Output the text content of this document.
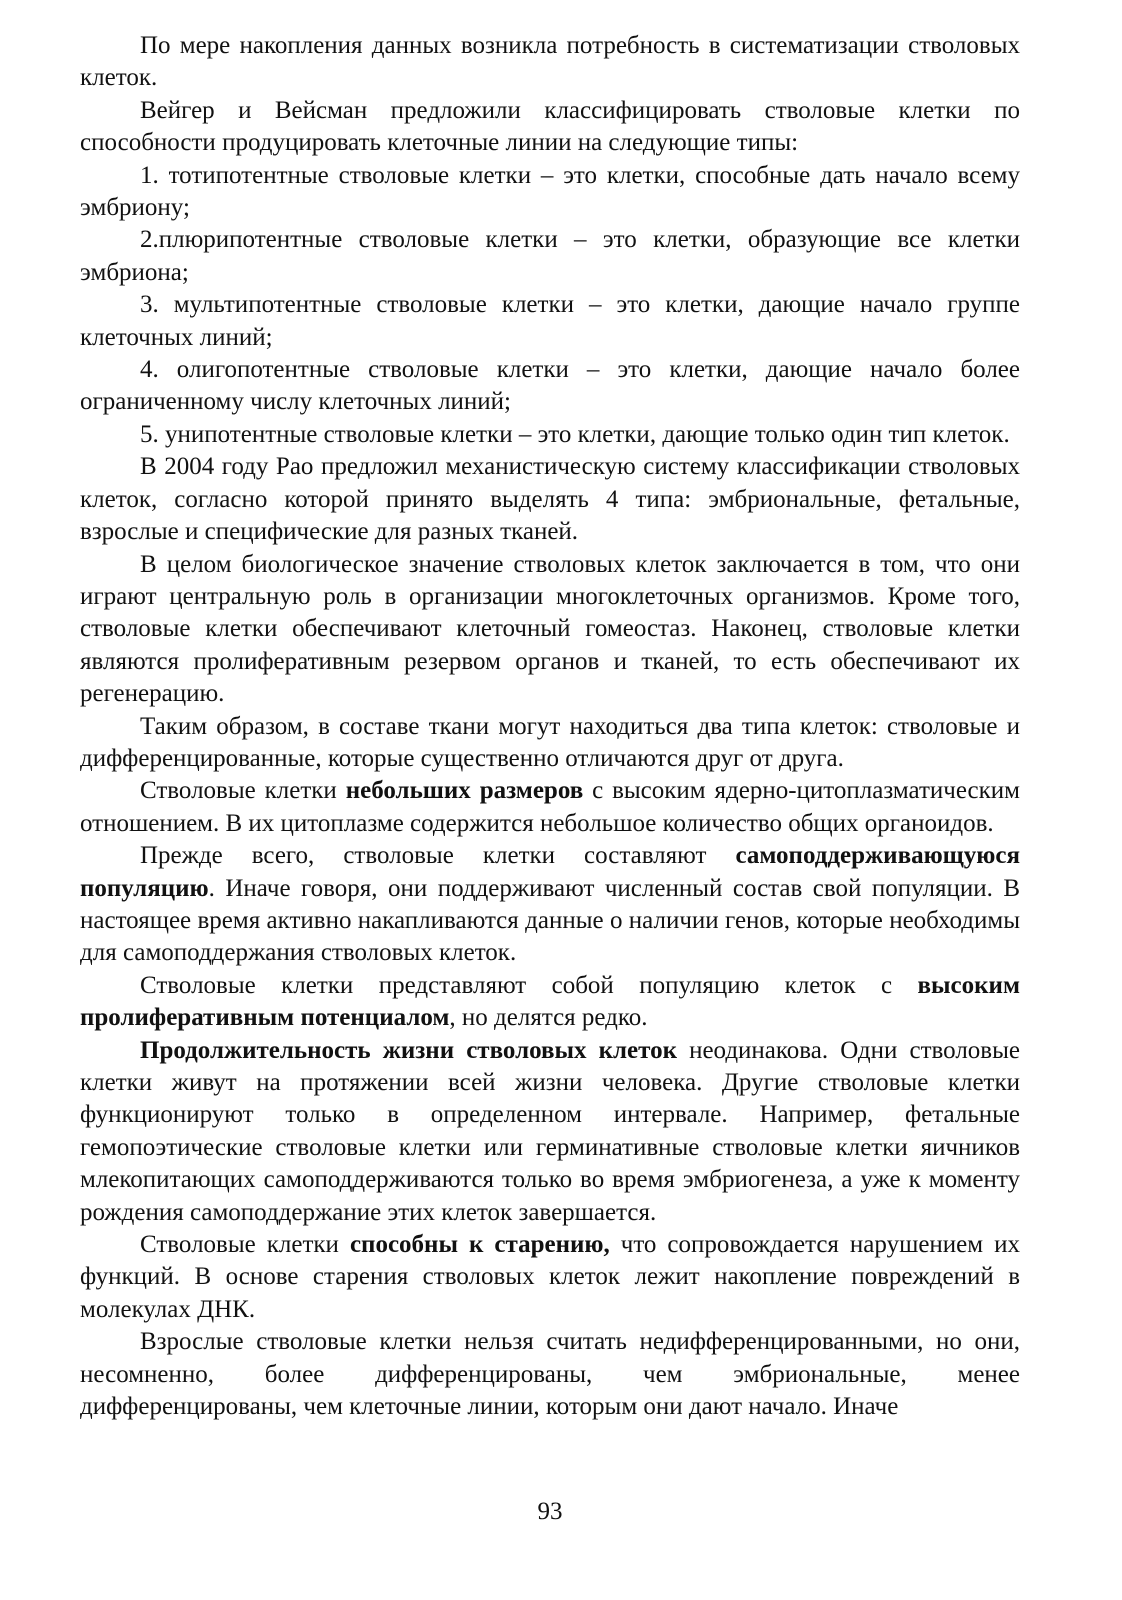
По мере накопления данных возникла потребность в систематизации стволовых клеток.

Вейгер и Вейсман предложили классифицировать стволовые клетки по способности продуцировать клеточные линии на следующие типы:

1. тотипотентные стволовые клетки – это клетки, способные дать начало всему эмбриону;

2.плюрипотентные стволовые клетки – это клетки, образующие все клетки эмбриона;

3. мультипотентные стволовые клетки – это клетки, дающие начало группе клеточных линий;

4. олигопотентные стволовые клетки – это клетки, дающие начало более ограниченному числу клеточных линий;

5. унипотентные стволовые клетки – это клетки, дающие только один тип клеток.

В 2004 году Рао предложил механистическую систему классификации стволовых клеток, согласно которой принято выделять 4 типа: эмбриональные, фетальные, взрослые и специфические для разных тканей.

В целом биологическое значение стволовых клеток заключается в том, что они играют центральную роль в организации многоклеточных организмов. Кроме того, стволовые клетки обеспечивают клеточный гомеостаз. Наконец, стволовые клетки являются пролиферативным резервом органов и тканей, то есть обеспечивают их регенерацию.

Таким образом, в составе ткани могут находиться два типа клеток: стволовые и дифференцированные, которые существенно отличаются друг от друга.

Стволовые клетки небольших размеров с высоким ядерно-цитоплазматическим отношением. В их цитоплазме содержится небольшое количество общих органоидов.

Прежде всего, стволовые клетки составляют самоподдерживающуюся популяцию. Иначе говоря, они поддерживают численный состав свой популяции. В настоящее время активно накапливаются данные о наличии генов, которые необходимы для самоподдержания стволовых клеток.

Стволовые клетки представляют собой популяцию клеток с высоким пролиферативным потенциалом, но делятся редко.

Продолжительность жизни стволовых клеток неодинакова. Одни стволовые клетки живут на протяжении всей жизни человека. Другие стволовые клетки функционируют только в определенном интервале. Например, фетальные гемопоэтические стволовые клетки или герминативные стволовые клетки яичников млекопитающих самоподдерживаются только во время эмбриогенеза, а уже к моменту рождения самоподдержание этих клеток завершается.

Стволовые клетки способны к старению, что сопровождается нарушением их функций. В основе старения стволовых клеток лежит накопление повреждений в молекулах ДНК.

Взрослые стволовые клетки нельзя считать недифференцированными, но они, несомненно, более дифференцированы, чем эмбриональные, менее дифференцированы, чем клеточные линии, которым они дают начало. Иначе

93
